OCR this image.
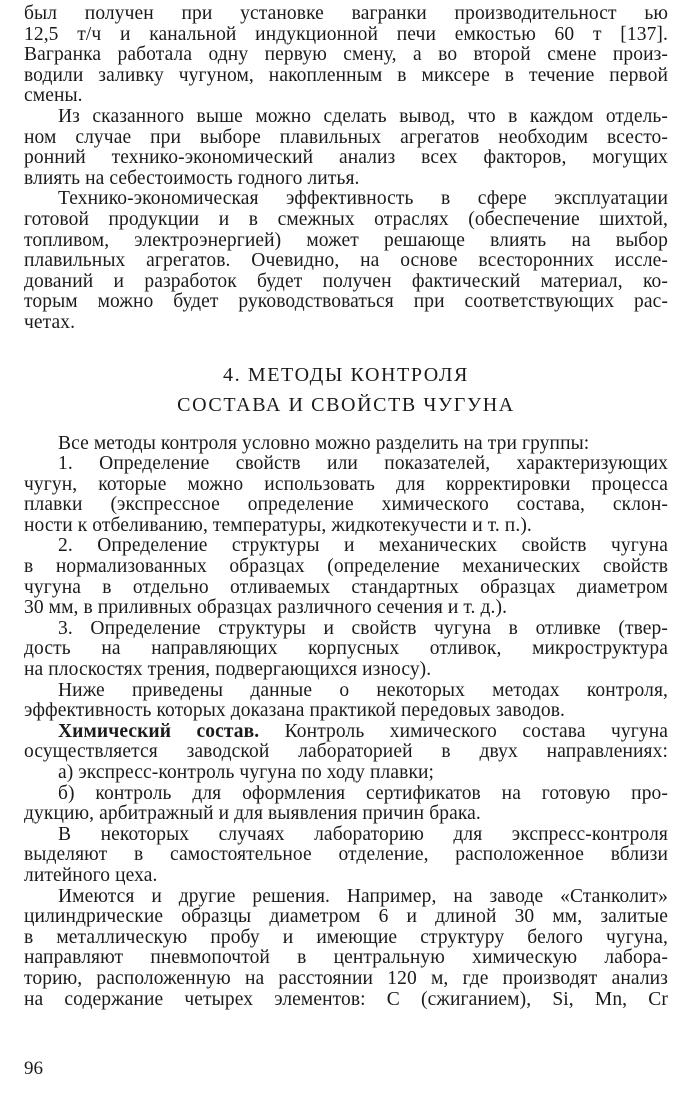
был получен при установке вагранки производительност ью
12,5 т/ч и канальной индукционной печи емкостью 60 т [137].
Вагранка работала одну первую смену, а во второй смене произ-
водили заливку чугуном, накопленным в миксере в течение первой
смены.
Из сказанного выше можно сделать вывод, что в каждом отдель-
ном случае при выборе плавильных агрегатов необходим всесто-
ронний технико-экономический анализ всех факторов, могущих
влиять на себестоимость годного литья.
Технико-экономическая эффективность в сфере эксплуатации
готовой продукции и в смежных отраслях (обеспечение шихтой,
топливом, электроэнергией) может решающе влиять на выбор
плавильных агрегатов. Очевидно, на основе всесторонних иссле-
дований и разработок будет получен фактический материал, ко-
торым можно будет руководствоваться при соответствующих рас-
четах.
4. МЕТОДЫ КОНТРОЛЯ
СОСТАВА И СВОЙСТВ ЧУГУНА
Все методы контроля условно можно разделить на три группы:
1. Определение свойств или показателей, характеризующих
чугун, которые можно использовать для корректировки процесса
плавки (экспрессное определение химического состава, склон-
ности к отбеливанию, температуры, жидкотекучести и т. п.).
2. Определение структуры и механических свойств чугуна
в нормализованных образцах (определение механических свойств
чугуна в отдельно отливаемых стандартных образцах диаметром
30 мм, в приливных образцах различного сечения и т. д.).
3. Определение структуры и свойств чугуна в отливке (твер-
дость на направляющих корпусных отливок, микроструктура
на плоскостях трения, подвергающихся износу).
Ниже приведены данные о некоторых методах контроля,
эффективность которых доказана практикой передовых заводов.
Химический состав. Контроль химического состава чугуна
осуществляется заводской лабораторией в двух направлениях:
а) экспресс-контроль чугуна по ходу плавки;
б) контроль для оформления сертификатов на готовую про-
дукцию, арбитражный и для выявления причин брака.
В некоторых случаях лабораторию для экспресс-контроля
выделяют в самостоятельное отделение, расположенное вблизи
литейного цеха.
Имеются и другие решения. Например, на заводе «Станколит»
цилиндрические образцы диаметром 6 и длиной 30 мм, залитые
в металлическую пробу и имеющие структуру белого чугуна,
направляют пневмопочтой в центральную химическую лабора-
торию, расположенную на расстоянии 120 м, где производят анализ
на содержание четырех элементов: С (сжиганием), Si, Mn, Cr
96
